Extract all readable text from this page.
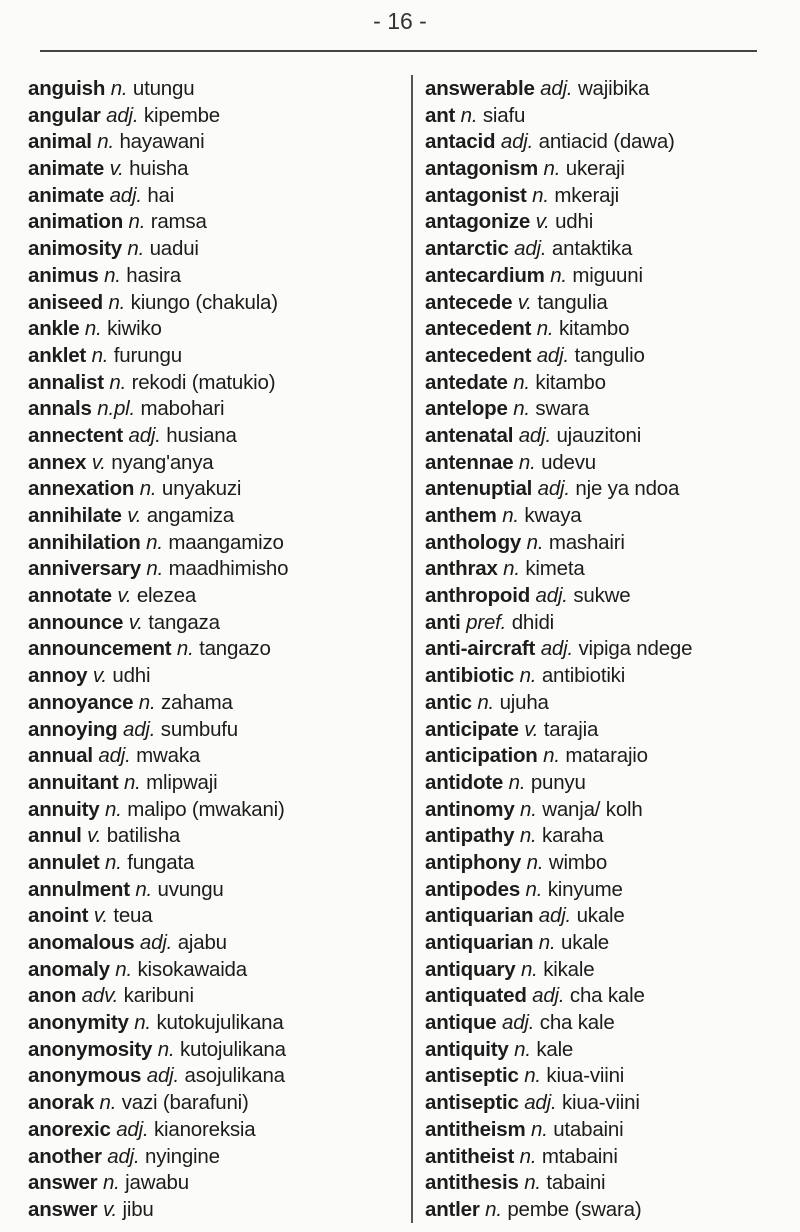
- 16 -
anguish n. utungu
angular adj. kipembe
animal n. hayawani
animate v. huisha
animate adj. hai
animation n. ramsa
animosity n. uadui
animus n. hasira
aniseed n. kiungo (chakula)
ankle n. kiwiko
anklet n. furungu
annalist n. rekodi (matukio)
annals n.pl. mabohari
annectent adj. husiana
annex v. nyang'anya
annexation n. unyakuzi
annihilate v. angamiza
annihilation n. maangamizo
anniversary n. maadhimisho
annotate v. elezea
announce v. tangaza
announcement n. tangazo
annoy v. udhi
annoyance n. zahama
annoying adj. sumbufu
annual adj. mwaka
annuitant n. mlipwaji
annuity n. malipo (mwakani)
annul v. batilisha
annulet n. fungata
annulment n. uvungu
anoint v. teua
anomalous adj. ajabu
anomaly n. kisokawaida
anon adv. karibuni
anonymity n. kutokujulikana
anonymosity n. kutojulikana
anonymous adj. asojulikana
anorak n. vazi (barafuni)
anorexic adj. kianoreksia
another adj. nyingine
answer n. jawabu
answer v. jibu
answerable adj. wajibika
ant n. siafu
antacid adj. antiacid (dawa)
antagonism n. ukeraji
antagonist n. mkeraji
antagonize v. udhi
antarctic adj. antaktika
antecardium n. miguuni
antecede v. tangulia
antecedent n. kitambo
antecedent adj. tangulio
antedate n. kitambo
antelope n. swara
antenatal adj. ujauzitoni
antennae n. udevu
antenuptial adj. nje ya ndoa
anthem n. kwaya
anthology n. mashairi
anthrax n. kimeta
anthropoid adj. sukwe
anti pref. dhidi
anti-aircraft adj. vipiga ndege
antibiotic n. antibiotiki
antic n. ujuha
anticipate v. tarajia
anticipation n. matarajio
antidote n. punyu
antinomy n. wanja/ kolh
antipathy n. karaha
antiphony n. wimbo
antipodes n. kinyume
antiquarian adj. ukale
antiquarian n. ukale
antiquary n. kikale
antiquated adj. cha kale
antique adj. cha kale
antiquity n. kale
antiseptic n. kiua-viini
antiseptic adj. kiua-viini
antitheism n. utabaini
antitheist n. mtabaini
antithesis n. tabaini
antler n. pembe (swara)
